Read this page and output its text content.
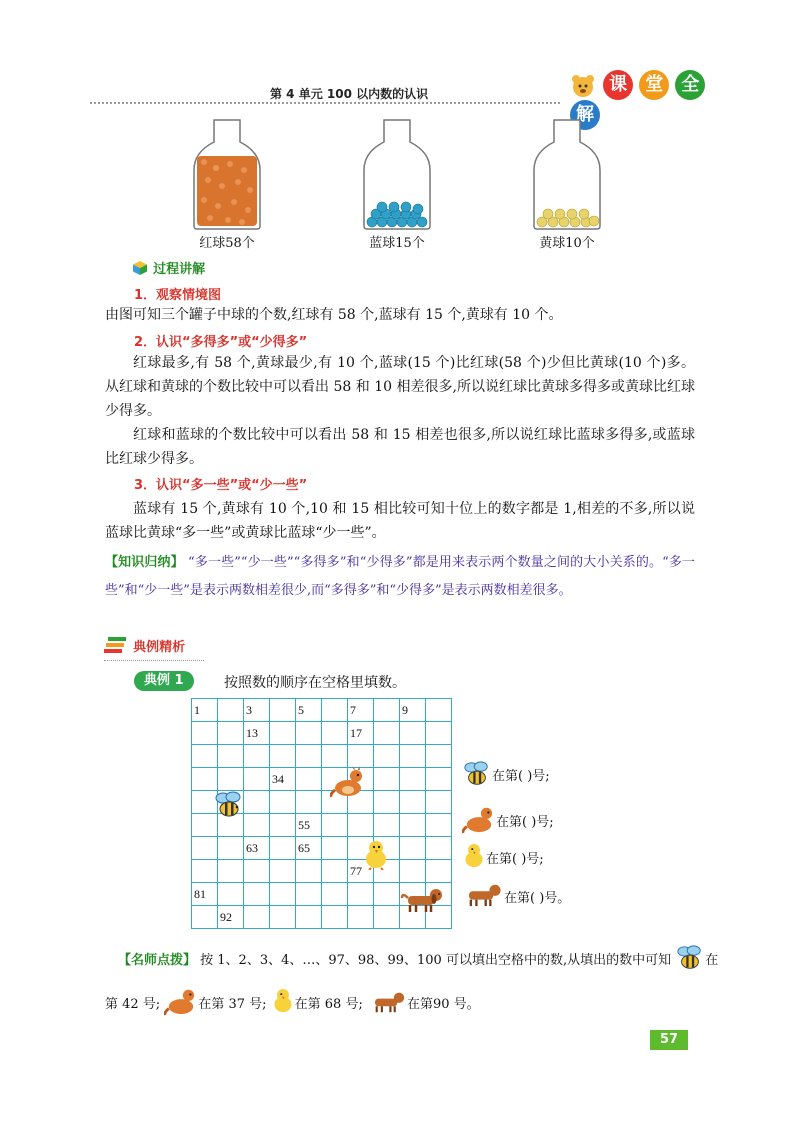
第 4 单元 100 以内数的认识	课 堂 全 解
红球58个	蓝球15个	黄球10个
过程讲解
1．观察情境图
由图可知三个罐子中球的个数,红球有 58 个,蓝球有 15 个,黄球有 10 个。
2．认识“多得多”或“少得多”
红球最多,有 58 个,黄球最少,有 10 个,蓝球(15 个)比红球(58 个)少但比黄球(10 个)多。从红球和黄球的个数比较中可以看出 58 和 10 相差很多,所以说红球比黄球多得多或黄球比红球少得多。
红球和蓝球的个数比较中可以看出 58 和 15 相差也很多,所以说红球比蓝球多得多,或蓝球比红球少得多。
3．认识“多一些”或“少一些”
蓝球有 15 个,黄球有 10 个,10 和 15 相比较可知十位上的数字都是 1,相差的不多,所以说蓝球比黄球“多一些”或黄球比蓝球“少一些”。
【知识归纳】 “多一些”“少一些”“多得多”和“少得多”都是用来表示两个数量之间的大小关系的。“多一些”和“少一些”是表示两数相差很少,而“多得多”和“少得多”是表示两数相差很多。
典例精析
典例 1	按照数的顺序在空格里填数。
1		3		5		7		9	
		13				17			

			34						

				55					
		63		65					
						77			
81									
	92								
在第( )号;
在第( )号;
在第( )号;
在第( )号。
【名师点拨】 按 1、2、3、4、…、97、98、99、100 可以填出空格中的数,从填出的数中可知	在
第 42 号;	在第 37 号; 在第 68 号;	在第90 号。
57
